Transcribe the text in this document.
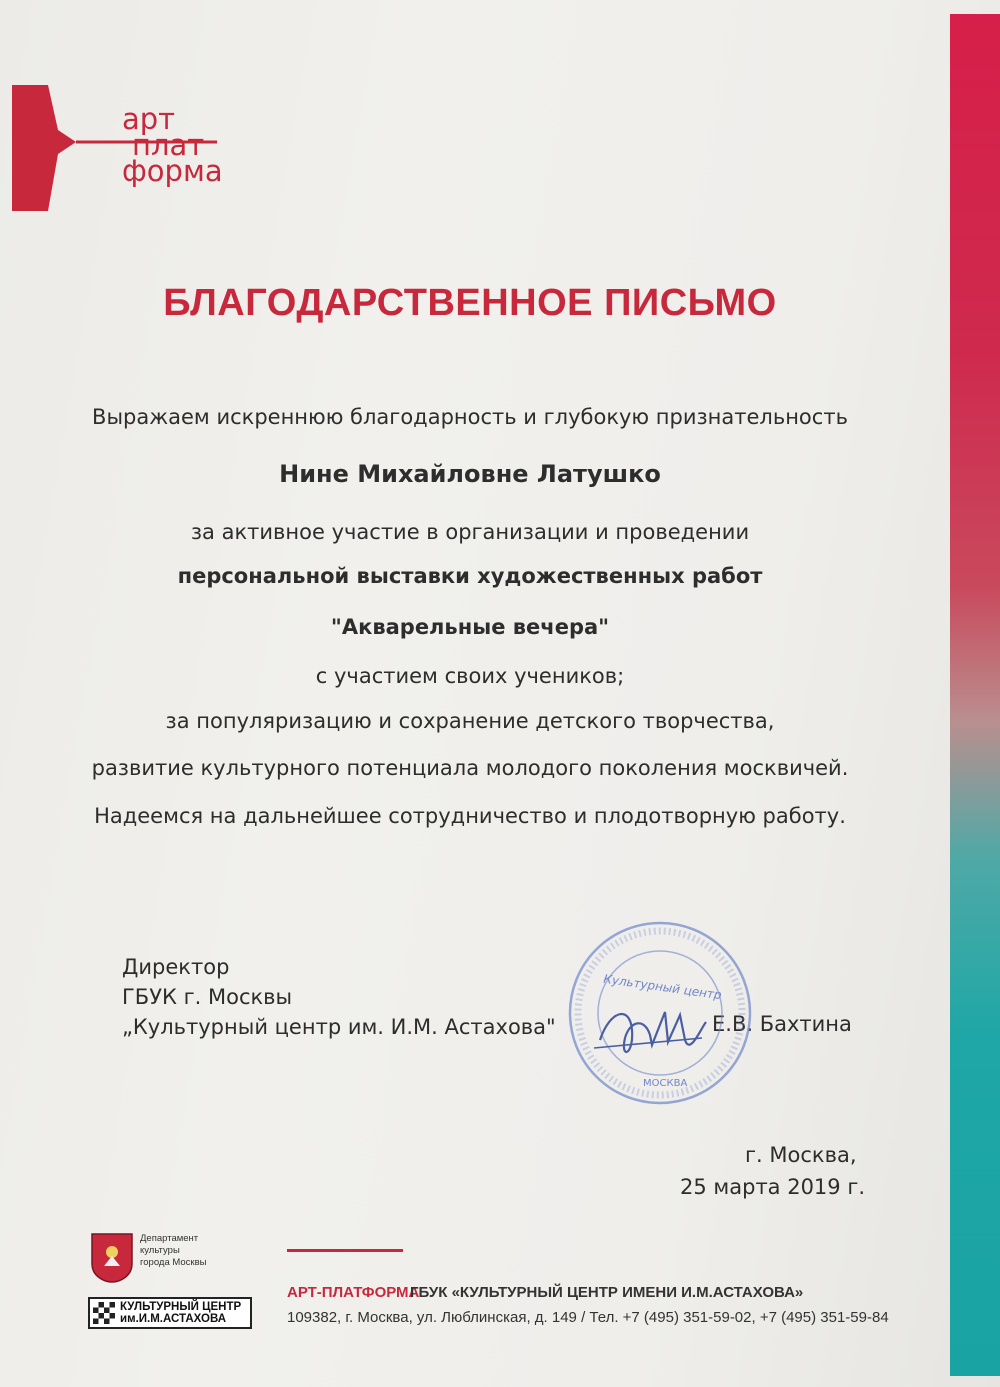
арт
плат
форма
БЛАГОДАРСТВЕННОЕ ПИСЬМО
Выражаем искреннюю благодарность и глубокую признательность
Нине Михайловне Латушко
за активное участие в организации и проведении
персональной выставки художественных работ
"Акварельные вечера"
с участием своих учеников;
за популяризацию и сохранение детского творчества,
развитие культурного потенциала молодого поколения москвичей.
Надеемся на дальнейшее сотрудничество и плодотворную работу.
Директор
ГБУК г. Москвы
„Культурный центр им. И.М. Астахова"	Е.В. Бахтина
Культурный центр
МОСКВА
г. Москва,
25 марта 2019 г.
Департамент
культуры
города Москвы
КУЛЬТУРНЫЙ ЦЕНТР
им.И.М.АСТАХОВА
АРТ-ПЛАТФОРМА
ГБУК «КУЛЬТУРНЫЙ ЦЕНТР ИМЕНИ И.М.АСТАХОВА»
109382, г. Москва, ул. Люблинская, д. 149 / Тел. +7 (495) 351-59-02, +7 (495) 351-59-84
